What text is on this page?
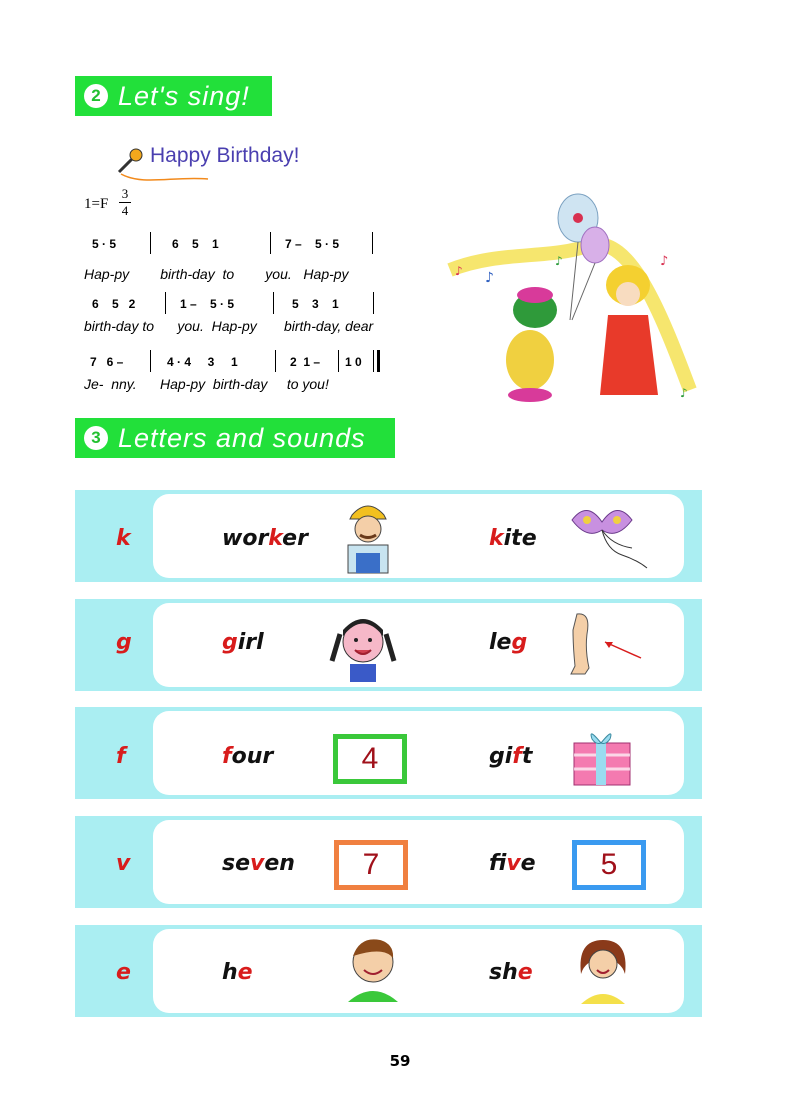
2 Let's sing!
Happy Birthday!
1=F
3
4
5 · 5	6    5    1	7 –    5 · 5
Hap-py        birth-day  to        you.   Hap-py
6    5   2	1 –    5 · 5	5    3    1
birth-day to      you.  Hap-py       birth-day, dear
7   6 –	4 · 4     3     1	2  1 – 1 0
Je-  nny.      Hap-py  birth-day     to you!
♪ ♪
♪	♪
♪
3 Letters and sounds
k	worker	kite
g	girl	leg
f	four	4	gift
v	seven	7	five	5
e	he	she
59
